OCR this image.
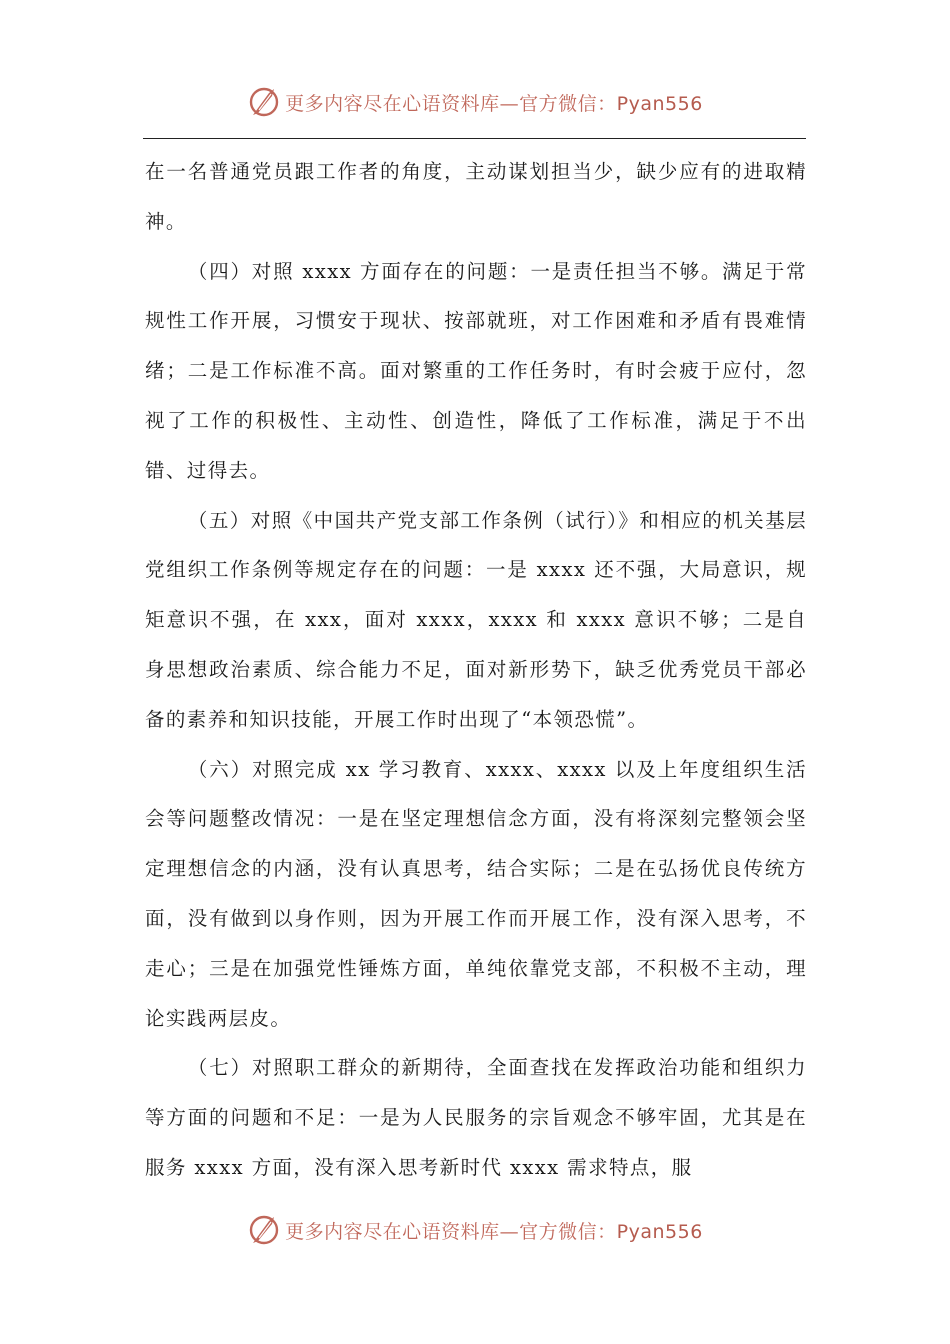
更多内容尽在心语资料库—官方微信：Pyan556

在一名普通党员跟工作者的角度，主动谋划担当少，缺少应有的进取精神。

（四）对照 xxxx 方面存在的问题：一是责任担当不够。满足于常规性工作开展，习惯安于现状、按部就班，对工作困难和矛盾有畏难情绪；二是工作标准不高。面对繁重的工作任务时，有时会疲于应付，忽视了工作的积极性、主动性、创造性，降低了工作标准，满足于不出错、过得去。

（五）对照《中国共产党支部工作条例（试行）》和相应的机关基层党组织工作条例等规定存在的问题：一是 xxxx 还不强，大局意识，规矩意识不强，在 xxx，面对 xxxx，xxxx 和 xxxx 意识不够；二是自身思想政治素质、综合能力不足，面对新形势下，缺乏优秀党员干部必备的素养和知识技能，开展工作时出现了“本领恐慌”。

（六）对照完成 xx 学习教育、xxxx、xxxx 以及上年度组织生活会等问题整改情况：一是在坚定理想信念方面，没有将深刻完整领会坚定理想信念的内涵，没有认真思考，结合实际；二是在弘扬优良传统方面，没有做到以身作则，因为开展工作而开展工作，没有深入思考，不走心；三是在加强党性锤炼方面，单纯依靠党支部，不积极不主动，理论实践两层皮。

（七）对照职工群众的新期待，全面查找在发挥政治功能和组织力等方面的问题和不足：一是为人民服务的宗旨观念不够牢固，尤其是在服务 xxxx 方面，没有深入思考新时代 xxxx 需求特点，服

更多内容尽在心语资料库—官方微信：Pyan556
